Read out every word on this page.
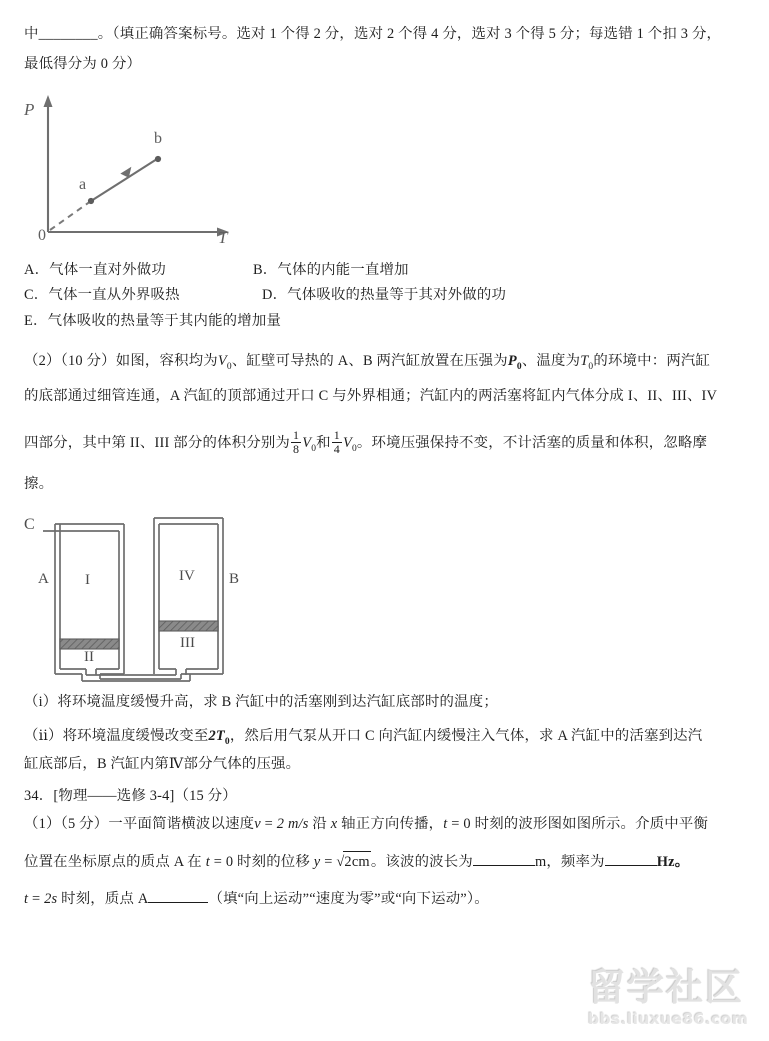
中________。（填正确答案标号。选对 1 个得 2 分，选对 2 个得 4 分，选对 3 个得 5 分；每选错 1 个扣 3 分，
最低得分为 0 分）
P
T
0
a
b
A．气体一直对外做功	B．气体的内能一直增加
C．气体一直从外界吸热	D．气体吸收的热量等于其对外做的功
E．气体吸收的热量等于其内能的增加量
（2）（10 分）如图，容积均为$V_0$、缸壁可导热的 A、B 两汽缸放置在压强为$P_0$、温度为$T_0$的环境中：两汽缸
的底部通过细管连通，A 汽缸的顶部通过开口 C 与外界相通；汽缸内的两活塞将缸内气体分成 I、II、III、IV
四部分，其中第 II、III 部分的体积分别为 $\frac{1}{8} V_0$和 $\frac{1}{4} V_0$。环境压强保持不变，不计活塞的质量和体积，忽略摩
擦。
C
A	B
I
II
III
IV
（i）将环境温度缓慢升高，求 B 汽缸中的活塞刚到达汽缸底部时的温度；
（ⅱ）将环境温度缓慢改变至$2T_0$，然后用气泵从开口 C 向汽缸内缓慢注入气体，求 A 汽缸中的活塞到达汽
缸底部后，B 汽缸内第Ⅳ部分气体的压强。
34．[物理——选修 3-4]（15 分）
（1）（5 分）一平面简谐横波以速度v = 2 m/s 沿 x 轴正方向传播，t = 0 时刻的波形图如图所示。介质中平衡
位置在坐标原点的质点 A 在 t = 0 时刻的位移 y = √2cm。该波的波长为	m，频率为	Hz。
t = 2s 时刻，质点 A	（填“向上运动”“速度为零”或“向下运动”）。
留学社区
bbs.liuxue86.com
